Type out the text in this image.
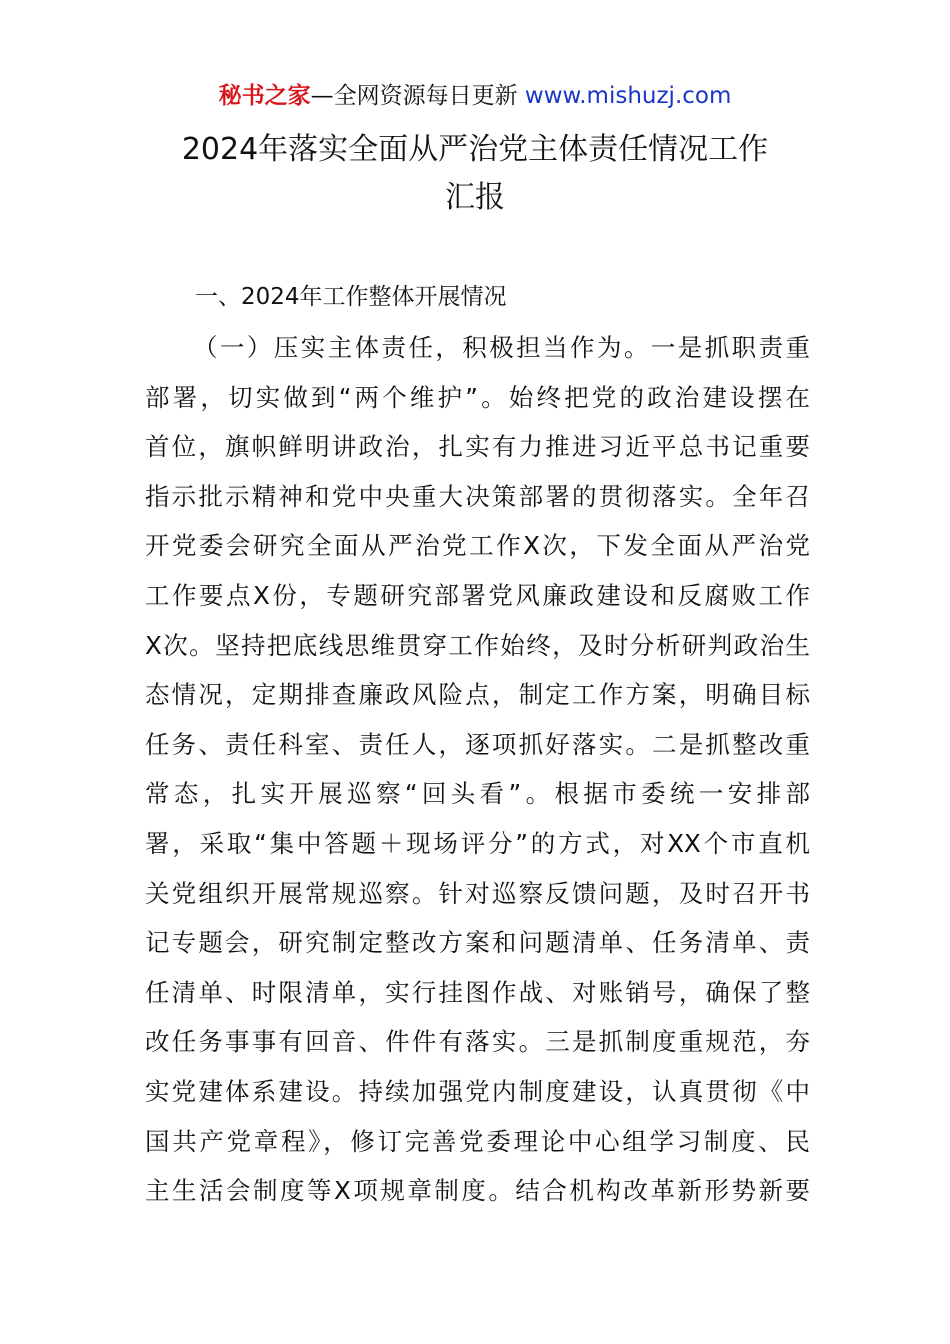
秘书之家—全网资源每日更新 www.mishuzj.com
2024年落实全面从严治党主体责任情况工作
汇报
一、2024年工作整体开展情况
（一）压实主体责任，积极担当作为。一是抓职责重
部署，切实做到“两个维护”。始终把党的政治建设摆在
首位，旗帜鲜明讲政治，扎实有力推进习近平总书记重要
指示批示精神和党中央重大决策部署的贯彻落实。全年召
开党委会研究全面从严治党工作X次，下发全面从严治党
工作要点X份，专题研究部署党风廉政建设和反腐败工作
X次。坚持把底线思维贯穿工作始终，及时分析研判政治生
态情况，定期排查廉政风险点，制定工作方案，明确目标
任务、责任科室、责任人，逐项抓好落实。二是抓整改重
常态，扎实开展巡察“回头看”。根据市委统一安排部
署，采取“集中答题＋现场评分”的方式，对XX个市直机
关党组织开展常规巡察。针对巡察反馈问题，及时召开书
记专题会，研究制定整改方案和问题清单、任务清单、责
任清单、时限清单，实行挂图作战、对账销号，确保了整
改任务事事有回音、件件有落实。三是抓制度重规范，夯
实党建体系建设。持续加强党内制度建设，认真贯彻《中
国共产党章程》，修订完善党委理论中心组学习制度、民
主生活会制度等X项规章制度。结合机构改革新形势新要
